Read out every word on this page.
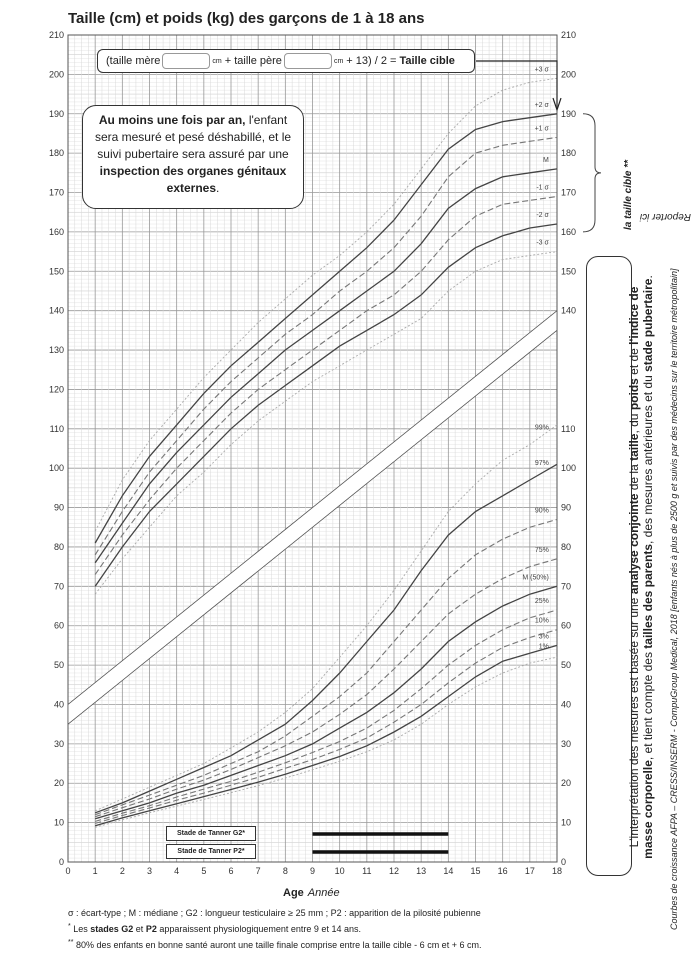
0
10
20
30
40
50
60
70
80
90
100
110
120
130
140
150
160
170
180
190
200
210
140
150
160
170
180
190
200
210
0
10
20
30
40
50
60
70
80
90
100
110
0 1 2 3 4 5 6 7 8 9 10 11 12 13 14 15 16 17 18
+3 σ
+2 σ
+1 σ
M
-1 σ
-2 σ
-3 σ
99%
97%
90%
75%
M (50%)
25%
10%
3%
1%
Taille (cm) et poids (kg) des garçons de 1 à 18 ans
(taille mère	cm + taille père	cm + 13) / 2 = Taille cible
Au moins une fois par an, l'enfant sera mesuré et pesé déshabillé, et le suivi pubertaire sera assuré par une inspection des organes génitaux externes.
Stade de Tanner G2*
Stade de Tanner P2*
Age Année
σ : écart-type ; M : médiane ; G2 : longueur testiculaire ≥ 25 mm ; P2 : apparition de la pilosité pubienne
* Les stades G2 et P2 apparaissent physiologiquement entre 9 et 14 ans.
** 80% des enfants en bonne santé auront une taille finale comprise entre la taille cible - 6 cm et + 6 cm.
Reporter ici

la taille cible **
L'interprétation des mesures est basée sur une analyse conjointe de la taille, du poids et de l'indice de masse corporelle, et tient compte des tailles des parents, des mesures antérieures et du stade pubertaire. Courbes de croissance AFPA – CRESS/INSERM - CompuGroup Medical, 2018 [enfants nés à plus de 2500 g et suivis par des médecins sur le territoire métropolitain]
